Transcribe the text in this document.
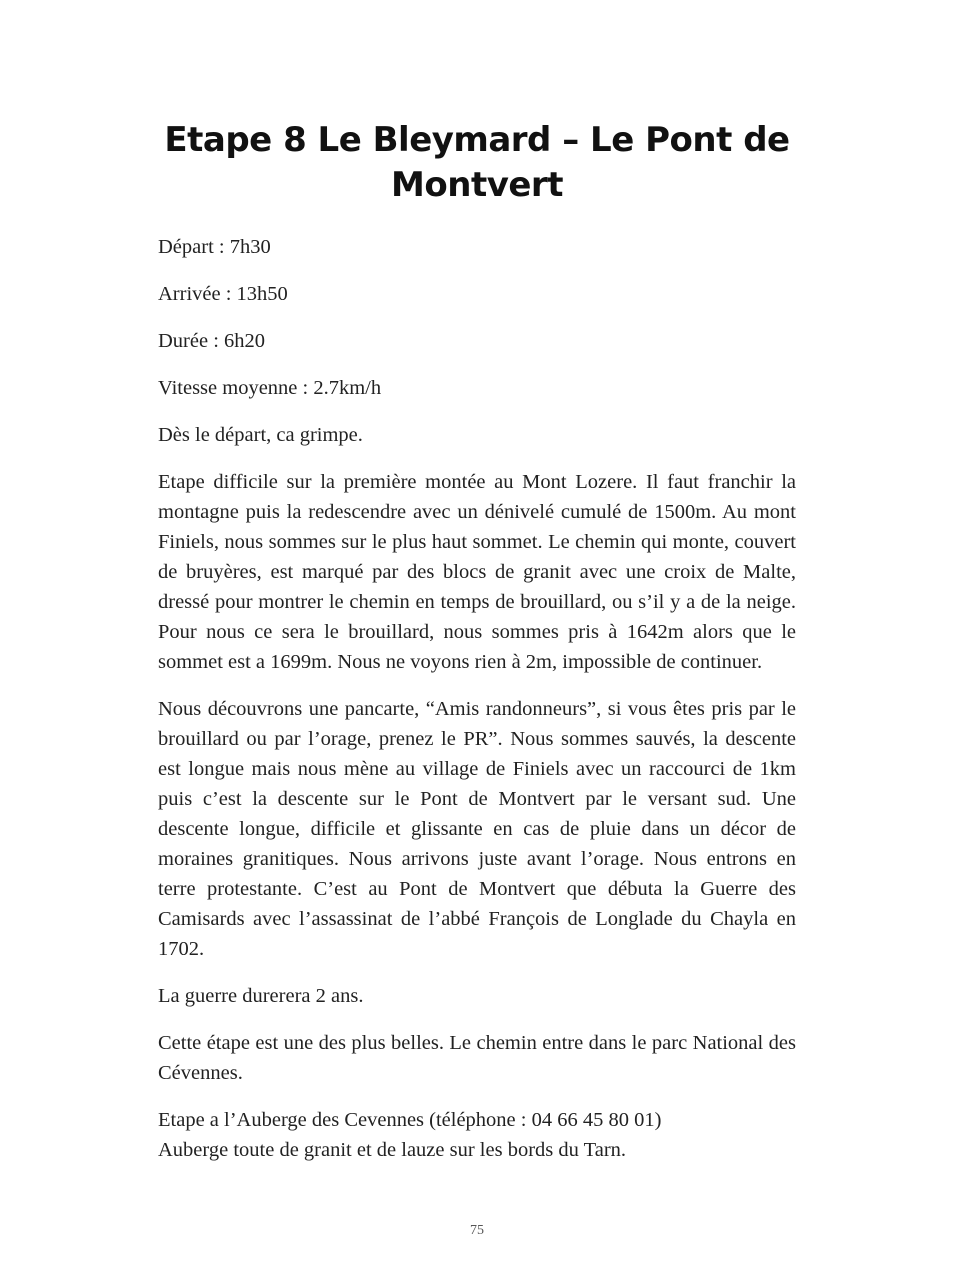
Etape 8 Le Bleymard – Le Pont de Montvert

Départ : 7h30

Arrivée : 13h50

Durée : 6h20

Vitesse moyenne : 2.7km/h

Dès le départ, ca grimpe.

Etape difficile sur la première montée au Mont Lozere. Il faut franchir la montagne puis la redescendre avec un dénivelé cumulé de 1500m. Au mont Finiels, nous sommes sur le plus haut sommet. Le chemin qui monte, couvert de bruyères, est marqué par des blocs de granit avec une croix de Malte, dressé pour montrer le chemin en temps de brouillard, ou s’il y a de la neige. Pour nous ce sera le brouillard, nous sommes pris à 1642m alors que le sommet est a 1699m. Nous ne voyons rien à 2m, impossible de continuer.

Nous découvrons une pancarte, “Amis randonneurs”, si vous êtes pris par le brouillard ou par l’orage, prenez le PR”. Nous sommes sauvés, la descente est longue mais nous mène au village de Finiels avec un raccourci de 1km puis c’est la descente sur le Pont de Montvert par le versant sud. Une descente longue, difficile et glissante en cas de pluie dans un décor de moraines granitiques. Nous arrivons juste avant l’orage. Nous entrons en terre protestante. C’est au Pont de Montvert que débuta la Guerre des Camisards avec l’assassinat de l’abbé François de Longlade du Chayla en 1702.

La guerre durerera 2 ans.

Cette étape est une des plus belles. Le chemin entre dans le parc National des Cévennes.

Etape a l’Auberge des Cevennes (téléphone : 04 66 45 80 01)
Auberge toute de granit et de lauze sur les bords du Tarn.

75
